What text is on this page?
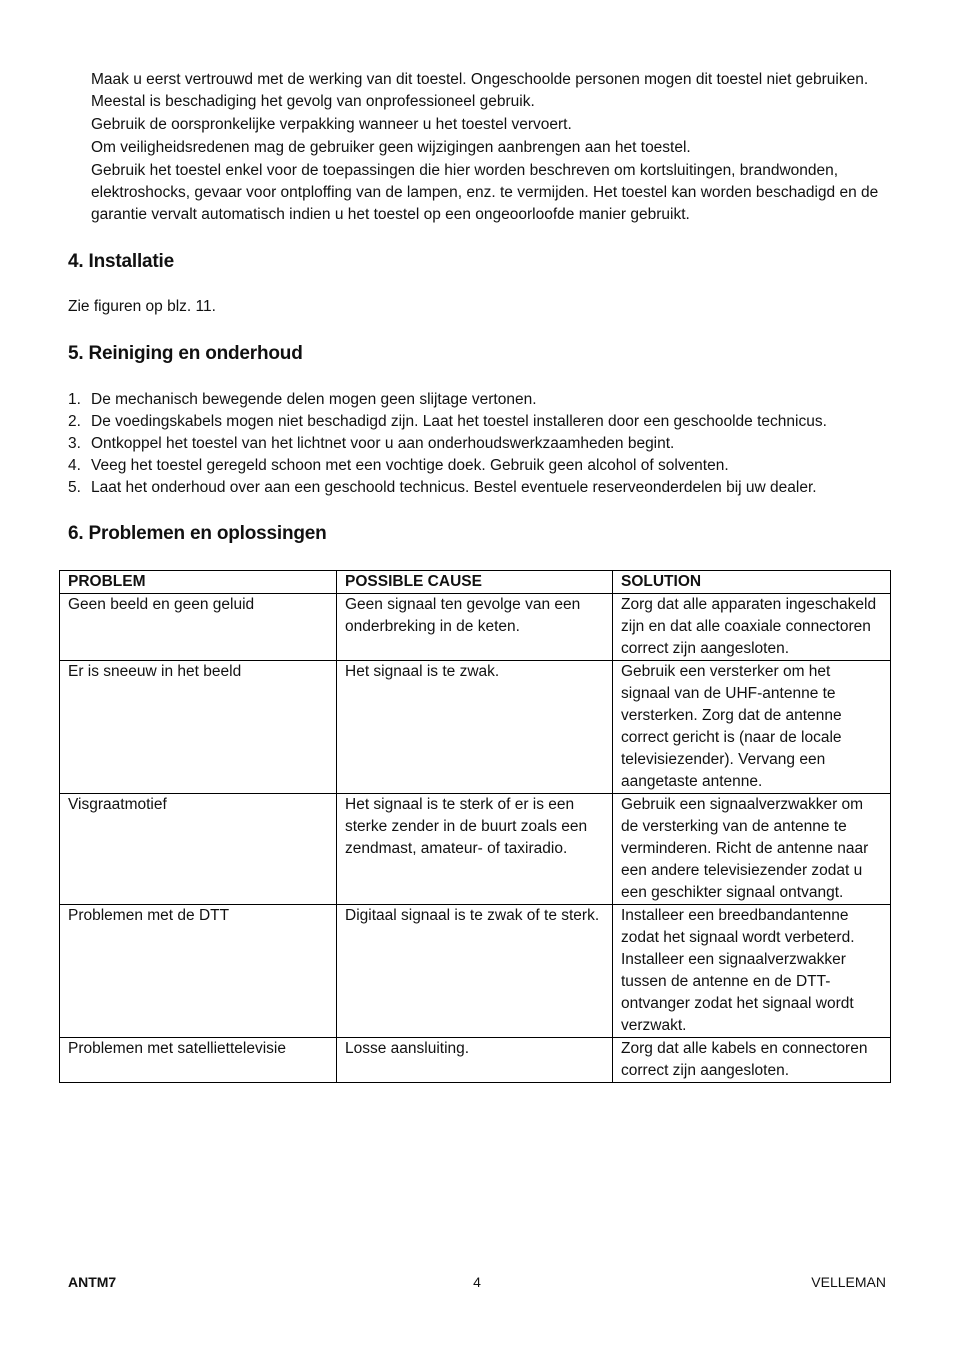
Maak u eerst vertrouwd met de werking van dit toestel. Ongeschoolde personen mogen dit toestel niet gebruiken. Meestal is beschadiging het gevolg van onprofessioneel gebruik.

Gebruik de oorspronkelijke verpakking wanneer u het toestel vervoert.

Om veiligheidsredenen mag de gebruiker geen wijzigingen aanbrengen aan het toestel.

Gebruik het toestel enkel voor de toepassingen die hier worden beschreven om kortsluitingen, brandwonden, elektroshocks, gevaar voor ontploffing van de lampen, enz. te vermijden. Het toestel kan worden beschadigd en de garantie vervalt automatisch indien u het toestel op een ongeoorloofde manier gebruikt.

4. Installatie

Zie figuren op blz. 11.

5. Reiniging en onderhoud
1. De mechanisch bewegende delen mogen geen slijtage vertonen.
2. De voedingskabels mogen niet beschadigd zijn. Laat het toestel installeren door een geschoolde technicus.
3. Ontkoppel het toestel van het lichtnet voor u aan onderhoudswerkzaamheden begint.
4. Veeg het toestel geregeld schoon met een vochtige doek. Gebruik geen alcohol of solventen.
5. Laat het onderhoud over aan een geschoold technicus. Bestel eventuele reserveonderdelen bij uw dealer.
6. Problemen en oplossingen
PROBLEM	POSSIBLE CAUSE	SOLUTION
Geen beeld en geen geluid	Geen signaal ten gevolge van een onderbreking in de keten.	Zorg dat alle apparaten ingeschakeld zijn en dat alle coaxiale connectoren correct zijn aangesloten.
Er is sneeuw in het beeld	Het signaal is te zwak.	Gebruik een versterker om het signaal van de UHF-antenne te versterken. Zorg dat de antenne correct gericht is (naar de locale televisiezender). Vervang een aangetaste antenne.
Visgraatmotief	Het signaal is te sterk of er is een sterke zender in de buurt zoals een zendmast, amateur- of taxiradio.	Gebruik een signaalverzwakker om de versterking van de antenne te verminderen. Richt de antenne naar een andere televisiezender zodat u een geschikter signaal ontvangt.
Problemen met de DTT	Digitaal signaal is te zwak of te sterk.	Installeer een breedbandantenne zodat het signaal wordt verbeterd. Installeer een signaalverzwakker tussen de antenne en de DTT-ontvanger zodat het signaal wordt verzwakt.
Problemen met satelliettelevisie	Losse aansluiting.	Zorg dat alle kabels en connectoren correct zijn aangesloten.
ANTM7	4	VELLEMAN
